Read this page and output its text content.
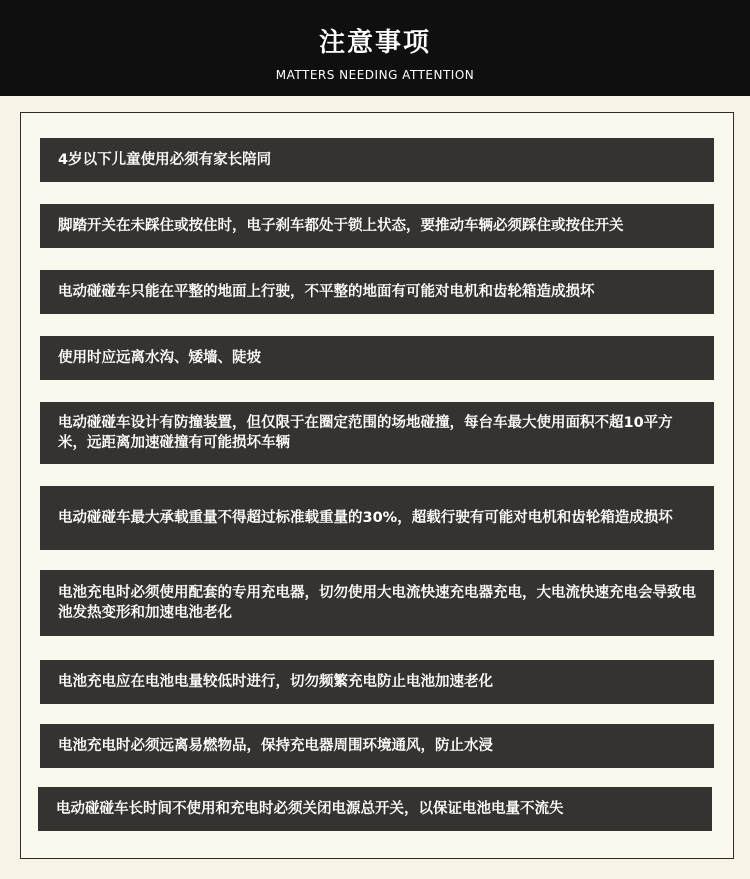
注意事项
MATTERS NEEDING ATTENTION
4岁以下儿童使用必须有家长陪同
脚踏开关在未踩住或按住时，电子刹车都处于锁上状态，要推动车辆必须踩住或按住开关
电动碰碰车只能在平整的地面上行驶，不平整的地面有可能对电机和齿轮箱造成损坏
使用时应远离水沟、矮墙、陡坡
电动碰碰车设计有防撞装置，但仅限于在圈定范围的场地碰撞，每台车最大使用面积不超10平方米，远距离加速碰撞有可能损坏车辆
电动碰碰车最大承载重量不得超过标准载重量的30%，超载行驶有可能对电机和齿轮箱造成损坏
电池充电时必须使用配套的专用充电器，切勿使用大电流快速充电器充电，大电流快速充电会导致电池发热变形和加速电池老化
电池充电应在电池电量较低时进行，切勿频繁充电防止电池加速老化
电池充电时必须远离易燃物品，保持充电器周围环境通风，防止水浸
电动碰碰车长时间不使用和充电时必须关闭电源总开关，以保证电池电量不流失
